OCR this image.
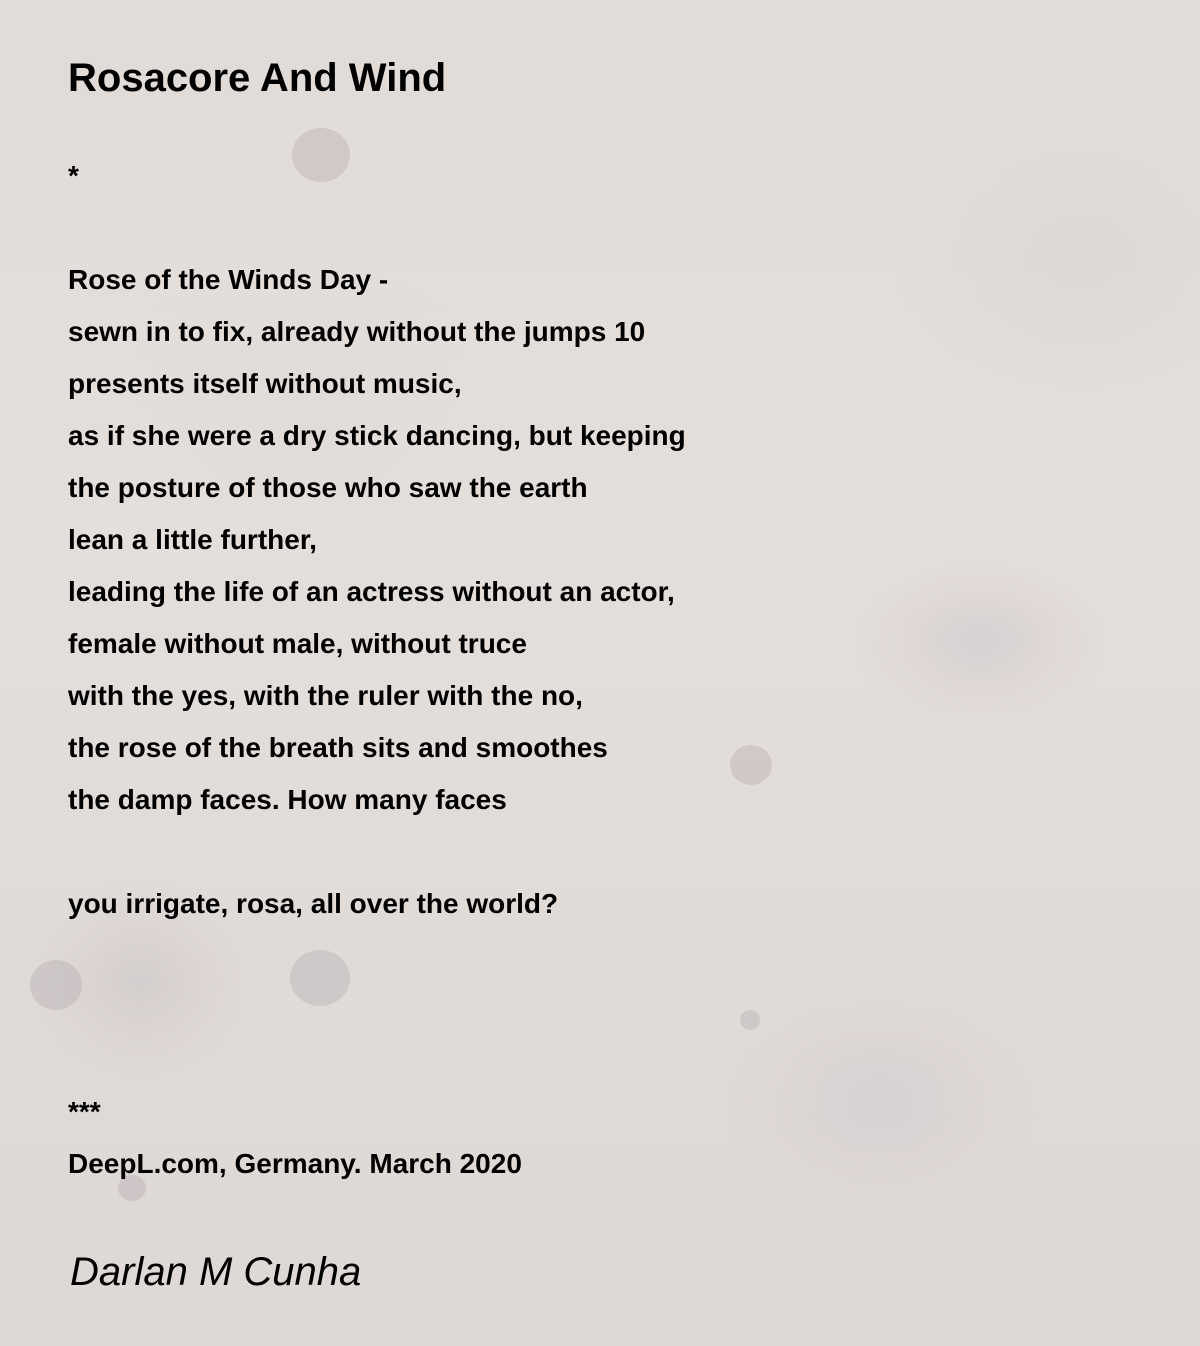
Rosacore And Wind
*
Rose of the Winds Day -
sewn in to fix, already without the jumps 10
presents itself without music,
as if she were a dry stick dancing, but keeping
the posture of those who saw the earth
lean a little further,
leading the life of an actress without an actor,
female without male, without truce
with the yes, with the ruler with the no,
the rose of the breath sits and smoothes
the damp faces. How many faces
you irrigate, rosa, all over the world?
***
DeepL.com, Germany. March 2020
Darlan M Cunha
